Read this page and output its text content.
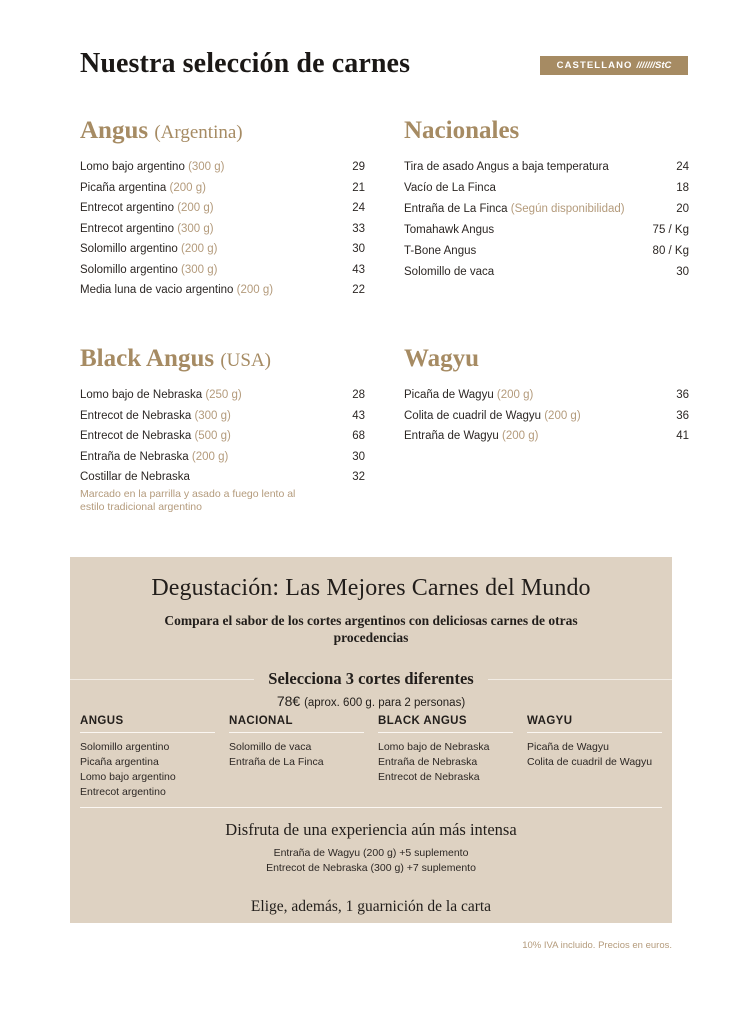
Nuestra selección de carnes	CASTELLANO ///////StC
Angus (Argentina)
Lomo bajo argentino (300 g)	29
Picaña argentina (200 g)	21
Entrecot argentino (200 g)	24
Entrecot argentino (300 g)	33
Solomillo argentino (200 g)	30
Solomillo argentino (300 g)	43
Media luna de vacio argentino (200 g)	22
Black Angus (USA)
Lomo bajo de Nebraska (250 g)	28
Entrecot de Nebraska (300 g)	43
Entrecot de Nebraska (500 g)	68
Entraña de Nebraska (200 g)	30
Costillar de Nebraska	32
Marcado en la parrilla y asado a fuego lento al estilo tradicional argentino
Nacionales
Tira de asado Angus a baja temperatura	24
Vacío de La Finca	18
Entraña de La Finca (Según disponibilidad)	20
Tomahawk Angus	75 / Kg
T-Bone Angus	80 / Kg
Solomillo de vaca	30
Wagyu
Picaña de Wagyu (200 g)	36
Colita de cuadril de Wagyu (200 g)	36
Entraña de Wagyu (200 g)	41
Degustación: Las Mejores Carnes del Mundo
Compara el sabor de los cortes argentinos con deliciosas carnes de otras procedencias
Selecciona 3 cortes diferentes
78€ (aprox. 600 g. para 2 personas)
ANGUS
Solomillo argentino
Picaña argentina
Lomo bajo argentino
Entrecot argentino
NACIONAL
Solomillo de vaca
Entraña de La Finca
BLACK ANGUS
Lomo bajo de Nebraska
Entraña de Nebraska
Entrecot de Nebraska
WAGYU
Picaña de Wagyu
Colita de cuadril de Wagyu
Disfruta de una experiencia aún más intensa
Entraña de Wagyu (200 g) +5 suplemento
Entrecot de Nebraska (300 g) +7 suplemento
Elige, además, 1 guarnición de la carta
10% IVA incluido. Precios en euros.
